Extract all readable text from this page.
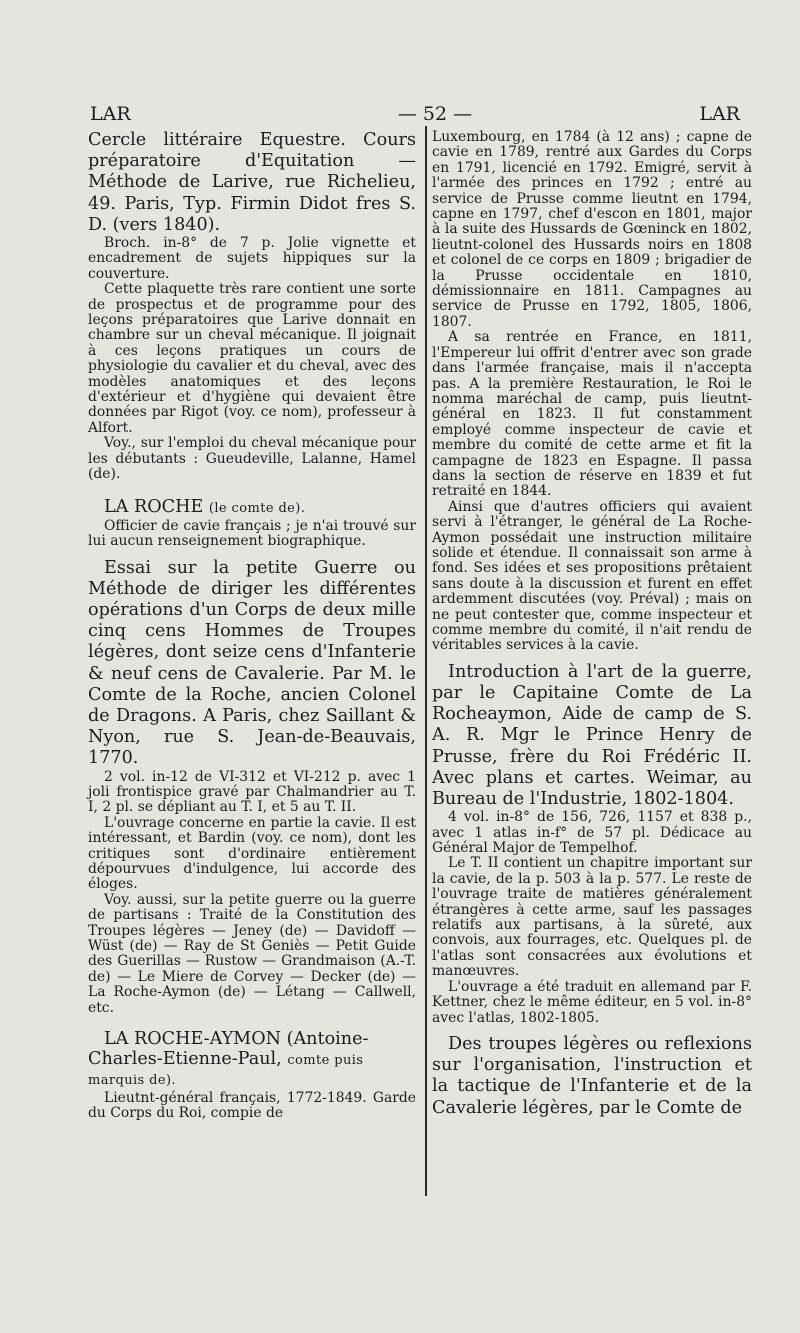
LAR	— 52 —	LAR

Cercle littéraire Equestre. Cours préparatoire d'Equitation — Méthode de Larive, rue Richelieu, 49. Paris, Typ. Firmin Didot fres S. D. (vers 1840).

Broch. in-8° de 7 p. Jolie vignette et encadrement de sujets hippiques sur la couverture.

Cette plaquette très rare contient une sorte de prospectus et de programme pour des leçons préparatoires que Larive donnait en chambre sur un cheval mécanique. Il joignait à ces leçons pratiques un cours de physiologie du cavalier et du cheval, avec des modèles anatomiques et des leçons d'extérieur et d'hygiène qui devaient être données par Rigot (voy. ce nom), professeur à Alfort.

Voy., sur l'emploi du cheval mécanique pour les débutants : Gueudeville, Lalanne, Hamel (de).

LA ROCHE (le comte de).

Officier de cavie français ; je n'ai trouvé sur lui aucun renseignement biographique.

Essai sur la petite Guerre ou Méthode de diriger les différentes opérations d'un Corps de deux mille cinq cens Hommes de Troupes légères, dont seize cens d'Infanterie & neuf cens de Cavalerie. Par M. le Comte de la Roche, ancien Colonel de Dragons. A Paris, chez Saillant & Nyon, rue S. Jean-de-Beauvais, 1770.

2 vol. in-12 de VI-312 et VI-212 p. avec 1 joli frontispice gravé par Chalmandrier au T. I, 2 pl. se dépliant au T. I, et 5 au T. II.

L'ouvrage concerne en partie la cavie. Il est intéressant, et Bardin (voy. ce nom), dont les critiques sont d'ordinaire entièrement dépourvues d'indulgence, lui accorde des éloges.

Voy. aussi, sur la petite guerre ou la guerre de partisans : Traité de la Constitution des Troupes légères — Jeney (de) — Davidoff — Wüst (de) — Ray de St Geniès — Petit Guide des Guerillas — Rustow — Grandmaison (A.-T. de) — Le Miere de Corvey — Decker (de) — La Roche-Aymon (de) — Létang — Callwell, etc.

LA ROCHE-AYMON (Antoine-Charles-Etienne-Paul, comte puis marquis de).

Lieutnt-général français, 1772-1849. Garde du Corps du Roi, compie de

Luxembourg, en 1784 (à 12 ans) ; capne de cavie en 1789, rentré aux Gardes du Corps en 1791, licencié en 1792. Emigré, servit à l'armée des princes en 1792 ; entré au service de Prusse comme lieutnt en 1794, capne en 1797, chef d'escon en 1801, major à la suite des Hussards de Gœninck en 1802, lieutnt-colonel des Hussards noirs en 1808 et colonel de ce corps en 1809 ; brigadier de la Prusse occidentale en 1810, démissionnaire en 1811. Campagnes au service de Prusse en 1792, 1805, 1806, 1807.

A sa rentrée en France, en 1811, l'Empereur lui offrit d'entrer avec son grade dans l'armée française, mais il n'accepta pas. A la première Restauration, le Roi le nomma maréchal de camp, puis lieutnt-général en 1823. Il fut constamment employé comme inspecteur de cavie et membre du comité de cette arme et fit la campagne de 1823 en Espagne. Il passa dans la section de réserve en 1839 et fut retraité en 1844.

Ainsi que d'autres officiers qui avaient servi à l'étranger, le général de La Roche-Aymon possédait une instruction militaire solide et étendue. Il connaissait son arme à fond. Ses idées et ses propositions prêtaient sans doute à la discussion et furent en effet ardemment discutées (voy. Préval) ; mais on ne peut contester que, comme inspecteur et comme membre du comité, il n'ait rendu de véritables services à la cavie.

Introduction à l'art de la guerre, par le Capitaine Comte de La Rocheaymon, Aide de camp de S. A. R. Mgr le Prince Henry de Prusse, frère du Roi Frédéric II. Avec plans et cartes. Weimar, au Bureau de l'Industrie, 1802-1804.

4 vol. in-8° de 156, 726, 1157 et 838 p., avec 1 atlas in-f° de 57 pl. Dédicace au Général Major de Tempelhof.

Le T. II contient un chapitre important sur la cavie, de la p. 503 à la p. 577. Le reste de l'ouvrage traite de matières généralement étrangères à cette arme, sauf les passages relatifs aux partisans, à la sûreté, aux convois, aux fourrages, etc. Quelques pl. de l'atlas sont consacrées aux évolutions et manœuvres.

L'ouvrage a été traduit en allemand par F. Kettner, chez le même éditeur, en 5 vol. in-8° avec l'atlas, 1802-1805.

Des troupes légères ou reflexions sur l'organisation, l'instruction et la tactique de l'Infanterie et de la Cavalerie légères, par le Comte de
